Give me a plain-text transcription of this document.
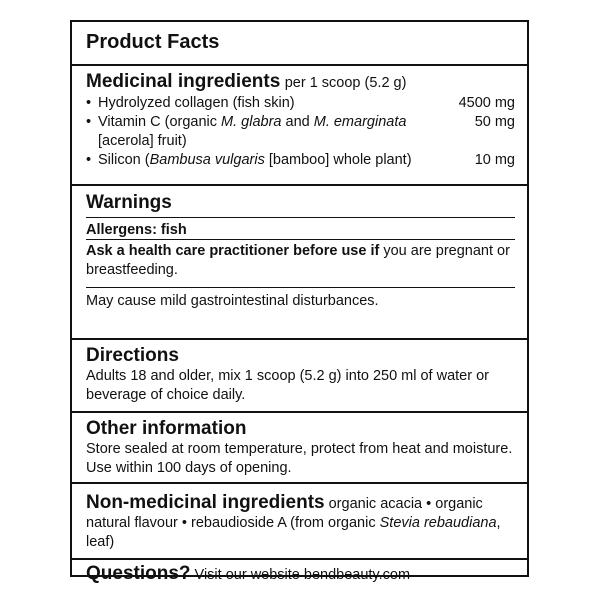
Product Facts
Medicinal ingredients per 1 scoop (5.2 g)
• Hydrolyzed collagen (fish skin)	4500 mg
• Vitamin C (organic M. glabra and M. emarginata
[acerola] fruit)
50 mg
• Silicon (Bambusa vulgaris [bamboo] whole plant)	10 mg
Warnings
Allergens: fish
Ask a health care practitioner before use if you are pregnant or breastfeeding.
May cause mild gastrointestinal disturbances.
Directions
Adults 18 and older, mix 1 scoop (5.2 g) into 250 ml of water or beverage of choice daily.
Other information
Store sealed at room temperature, protect from heat and moisture. Use within 100 days of opening.
Non-medicinal ingredients organic acacia • organic natural flavour • rebaudioside A (from organic Stevia rebaudiana, leaf)
Questions? Visit our website bendbeauty.com
